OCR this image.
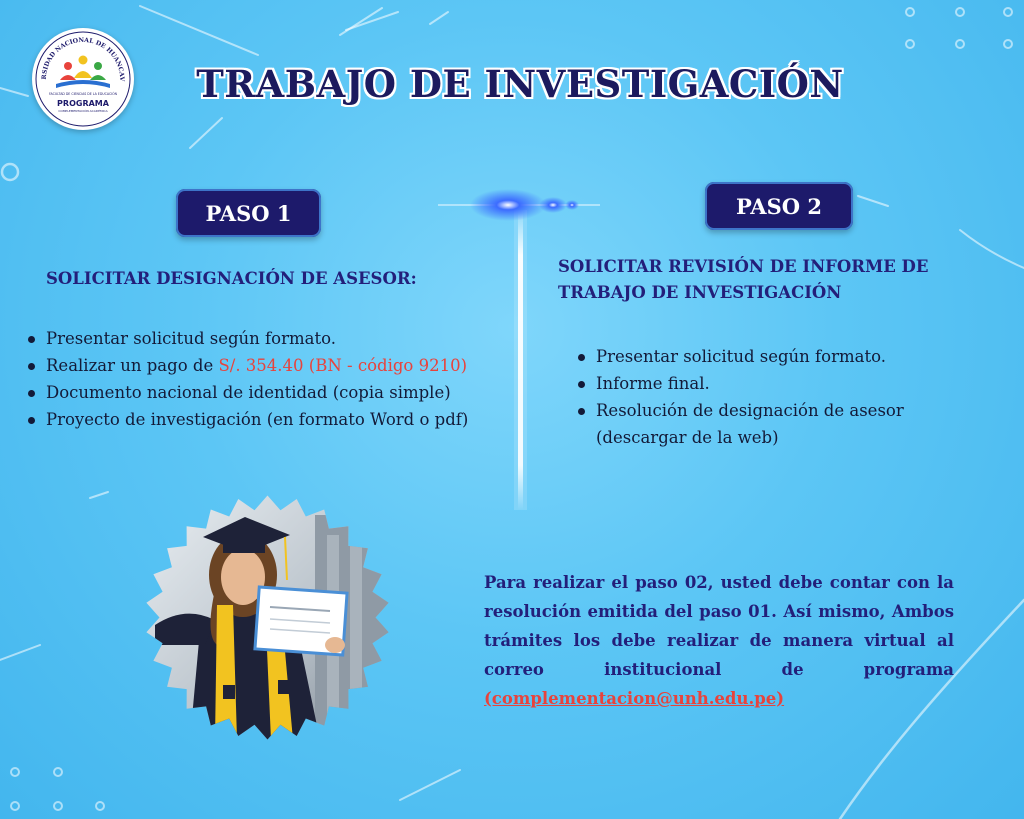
RSIDAD NACIONAL DE HUANCAV
FACULTAD DE CIENCIAS DE LA EDUCACIÓN
PROGRAMA
COMPLEMENTACIÓN ACADÉMICA
TRABAJO DE INVESTIGACIÓN
PASO 1

SOLICITAR DESIGNACIÓN DE ASESOR:

Presentar solicitud según formato.
Realizar un pago de S/. 354.40 (BN - código 9210)
Documento nacional de identidad (copia simple)
Proyecto de investigación (en formato Word o pdf)
PASO 2

SOLICITAR REVISIÓN DE INFORME DE TRABAJO DE INVESTIGACIÓN

Presentar solicitud según formato.
Informe final.
Resolución de designación de asesor (descargar de la web)

Para realizar el paso 02, usted debe contar con la resolución emitida del paso 01. Así mismo, Ambos trámites los debe realizar de manera virtual al correo institucional de programa (complementacion@unh.edu.pe)
